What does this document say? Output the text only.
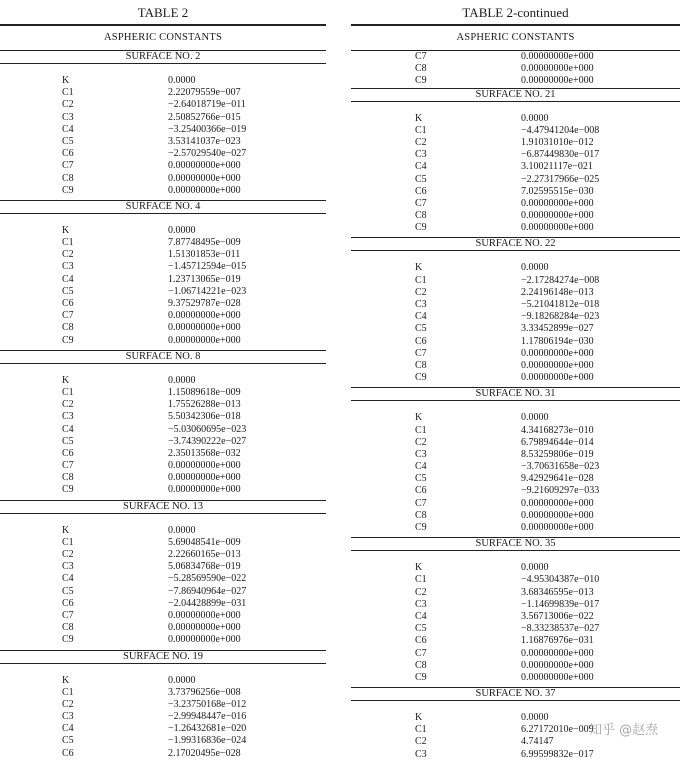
TABLE 2
ASPHERIC CONSTANTS
SURFACE NO. 2
K	0.0000
C1	2.22079559e−007
C2	−2.64018719e−011
C3	2.50852766e−015
C4	−3.25400366e−019
C5	3.53141037e−023
C6	−2.57029540e−027
C7	0.00000000e+000
C8	0.00000000e+000
C9	0.00000000e+000
SURFACE NO. 4
K	0.0000
C1	7.87748495e−009
C2	1.51301853e−011
C3	−1.45712594e−015
C4	1.23713065e−019
C5	−1.06714221e−023
C6	9.37529787e−028
C7	0.00000000e+000
C8	0.00000000e+000
C9	0.00000000e+000
SURFACE NO. 8
K	0.0000
C1	1.15089618e−009
C2	1.75526288e−013
C3	5.50342306e−018
C4	−5.03060695e−023
C5	−3.74390222e−027
C6	2.35013568e−032
C7	0.00000000e+000
C8	0.00000000e+000
C9	0.00000000e+000
SURFACE NO. 13
K	0.0000
C1	5.69048541e−009
C2	2.22660165e−013
C3	5.06834768e−019
C4	−5.28569590e−022
C5	−7.86940964e−027
C6	−2.04428899e−031
C7	0.00000000e+000
C8	0.00000000e+000
C9	0.00000000e+000
SURFACE NO. 19
K	0.0000
C1	3.73796256e−008
C2	−3.23750168e−012
C3	−2.99948447e−016
C4	−1.26432681e−020
C5	−1.99316836e−024
C6	2.17020495e−028
TABLE 2-continued
ASPHERIC CONSTANTS
C7	0.00000000e+000
C8	0.00000000e+000
C9	0.00000000e+000
SURFACE NO. 21
K	0.0000
C1	−4.47941204e−008
C2	1.91031010e−012
C3	−6.87449830e−017
C4	3.10021117e−021
C5	−2.27317966e−025
C6	7.02595515e−030
C7	0.00000000e+000
C8	0.00000000e+000
C9	0.00000000e+000
SURFACE NO. 22
K	0.0000
C1	−2.17284274e−008
C2	2.24196148e−013
C3	−5.21041812e−018
C4	−9.18268284e−023
C5	3.33452899e−027
C6	1.17806194e−030
C7	0.00000000e+000
C8	0.00000000e+000
C9	0.00000000e+000
SURFACE NO. 31
K	0.0000
C1	4.34168273e−010
C2	6.79894644e−014
C3	8.53259806e−019
C4	−3.70631658e−023
C5	9.42929641e−028
C6	−9.21609297e−033
C7	0.00000000e+000
C8	0.00000000e+000
C9	0.00000000e+000
SURFACE NO. 35
K	0.0000
C1	−4.95304387e−010
C2	3.68346595e−013
C3	−1.14699839e−017
C4	3.56713006e−022
C5	−8.33238537e−027
C6	1.16876976e−031
C7	0.00000000e+000
C8	0.00000000e+000
C9	0.00000000e+000
SURFACE NO. 37
K	0.0000
C1	6.27172010e−009
C2	4.74147
C3	6.99599832e−017
知乎 @赵焘
